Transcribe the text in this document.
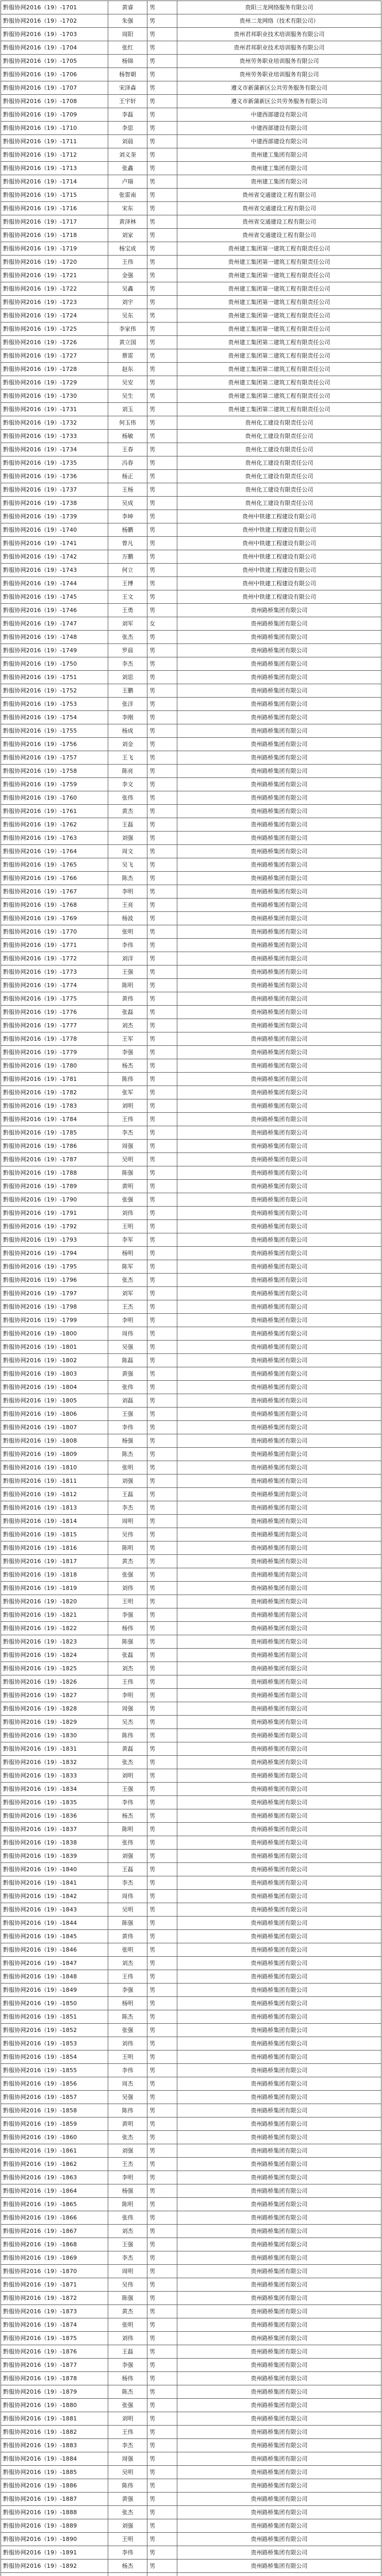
黔服协网2016（19）-1701	黄睿	男	贵阳三龙网络服务有限公司
黔服协网2016（19）-1702	朱强	男	贵州二龙网络（技术有限公司）
黔服协网2016（19）-1703	周阳	男	贵州君邦职业技术培训服务有限公司
黔服协网2016（19）-1704	张红	男	贵州君邦职业技术培训服务有限公司
黔服协网2016（19）-1705	杨锦	男	贵州劳务职业培训服务有限公司
黔服协网2016（19）-1706	杨智朝	男	贵州劳务职业培训服务有限公司
黔服协网2016（19）-1707	宋泽森	男	遵义市新蒲新区公共劳务服务有限公司
黔服协网2016（19）-1708	王宇轩	男	遵义市新蒲新区公共劳务服务有限公司
黔服协网2016（19）-1709	李磊	男	中建西部建设有限公司
黔服协网2016（19）-1710	李思	男	中建西部建设有限公司
黔服协网2016（19）-1711	刘晨	男	中建西部建设有限公司
黔服协网2016（19）-1712	刘义奎	男	贵州建工集团有限公司
黔服协网2016（19）-1713	张鑫	男	贵州建工集团有限公司
黔服协网2016（19）-1714	卢瑞	男	贵州建工集团有限公司
黔服协网2016（19）-1715	张雷南	男	贵州省交通建设工程有限公司
黔服协网2016（19）-1716	宋东	男	贵州省交通建设工程有限公司
黔服协网2016（19）-1717	黄泽林	男	贵州省交通建设工程有限公司
黔服协网2016（19）-1718	刘家	男	贵州省交通建设工程有限公司
黔服协网2016（19）-1719	杨宝成	男	贵州建工集团第一建筑工程有限责任公司
黔服协网2016（19）-1720	王伟	男	贵州建工集团第一建筑工程有限责任公司
黔服协网2016（19）-1721	金强	男	贵州建工集团第一建筑工程有限责任公司
黔服协网2016（19）-1722	吴鑫	男	贵州建工集团第一建筑工程有限责任公司
黔服协网2016（19）-1723	刘宇	男	贵州建工集团第一建筑工程有限责任公司
黔服协网2016（19）-1724	吴东	男	贵州建工集团第一建筑工程有限责任公司
黔服协网2016（19）-1725	李家伟	男	贵州建工集团第一建筑工程有限责任公司
黔服协网2016（19）-1726	黄立国	男	贵州建工集团第二建筑工程有限责任公司
黔服协网2016（19）-1727	蔡雷	男	贵州建工集团第二建筑工程有限责任公司
黔服协网2016（19）-1728	赵东	男	贵州建工集团第二建筑工程有限责任公司
黔服协网2016（19）-1729	吴安	男	贵州建工集团第二建筑工程有限责任公司
黔服协网2016（19）-1730	吴生	男	贵州建工集团第二建筑工程有限责任公司
黔服协网2016（19）-1731	刘玉	男	贵州建工集团第二建筑工程有限责任公司
黔服协网2016（19）-1732	何玉伟	男	贵州化工建设有限责任公司
黔服协网2016（19）-1733	杨敏	男	贵州化工建设有限责任公司
黔服协网2016（19）-1734	王春	男	贵州化工建设有限责任公司
黔服协网2016（19）-1735	冯春	男	贵州化工建设有限责任公司
黔服协网2016（19）-1736	杨正	男	贵州化工建设有限责任公司
黔服协网2016（19）-1737	王杨	男	贵州化工建设有限责任公司
黔服协网2016（19）-1738	吴成	男	贵州化工建设有限责任公司
黔服协网2016（19）-1739	李坤	男	贵州中铁建工程建设有限公司
黔服协网2016（19）-1740	杨鹏	男	贵州中铁建工程建设有限公司
黔服协网2016（19）-1741	曾凡	男	贵州中铁建工程建设有限公司
黔服协网2016（19）-1742	万鹏	男	贵州中铁建工程建设有限公司
黔服协网2016（19）-1743	何立	男	贵州中铁建工程建设有限公司
黔服协网2016（19）-1744	王博	男	贵州中铁建工程建设有限公司
黔服协网2016（19）-1745	王文	男	贵州中铁建工程建设有限公司
黔服协网2016（19）-1746	王勇	男	贵州路桥集团有限公司
黔服协网2016（19）-1747	刘军	女	贵州路桥集团有限公司
黔服协网2016（19）-1748	张杰	男	贵州路桥集团有限公司
黔服协网2016（19）-1749	罗晨	男	贵州路桥集团有限公司
黔服协网2016（19）-1750	李杰	男	贵州路桥集团有限公司
黔服协网2016（19）-1751	刘思	男	贵州路桥集团有限公司
黔服协网2016（19）-1752	王鹏	男	贵州路桥集团有限公司
黔服协网2016（19）-1753	张洋	男	贵州路桥集团有限公司
黔服协网2016（19）-1754	李刚	男	贵州路桥集团有限公司
黔服协网2016（19）-1755	杨成	男	贵州路桥集团有限公司
黔服协网2016（19）-1756	刘金	男	贵州路桥集团有限公司
黔服协网2016（19）-1757	王飞	男	贵州路桥集团有限公司
黔服协网2016（19）-1758	陈亮	男	贵州路桥集团有限公司
黔服协网2016（19）-1759	李文	男	贵州路桥集团有限公司
黔服协网2016（19）-1760	张伟	男	贵州路桥集团有限公司
黔服协网2016（19）-1761	黄杰	男	贵州路桥集团有限公司
黔服协网2016（19）-1762	王磊	男	贵州路桥集团有限公司
黔服协网2016（19）-1763	刘强	男	贵州路桥集团有限公司
黔服协网2016（19）-1764	周文	男	贵州路桥集团有限公司
黔服协网2016（19）-1765	吴飞	男	贵州路桥集团有限公司
黔服协网2016（19）-1766	陈杰	男	贵州路桥集团有限公司
黔服协网2016（19）-1767	李明	男	贵州路桥集团有限公司
黔服协网2016（19）-1768	王亮	男	贵州路桥集团有限公司
黔服协网2016（19）-1769	杨波	男	贵州路桥集团有限公司
黔服协网2016（19）-1770	张明	男	贵州路桥集团有限公司
黔服协网2016（19）-1771	李伟	男	贵州路桥集团有限公司
黔服协网2016（19）-1772	刘洋	男	贵州路桥集团有限公司
黔服协网2016（19）-1773	王强	男	贵州路桥集团有限公司
黔服协网2016（19）-1774	陈明	男	贵州路桥集团有限公司
黔服协网2016（19）-1775	黄伟	男	贵州路桥集团有限公司
黔服协网2016（19）-1776	张磊	男	贵州路桥集团有限公司
黔服协网2016（19）-1777	刘杰	男	贵州路桥集团有限公司
黔服协网2016（19）-1778	王军	男	贵州路桥集团有限公司
黔服协网2016（19）-1779	李强	男	贵州路桥集团有限公司
黔服协网2016（19）-1780	杨杰	男	贵州路桥集团有限公司
黔服协网2016（19）-1781	陈伟	男	贵州路桥集团有限公司
黔服协网2016（19）-1782	张军	男	贵州路桥集团有限公司
黔服协网2016（19）-1783	刘明	男	贵州路桥集团有限公司
黔服协网2016（19）-1784	王伟	男	贵州路桥集团有限公司
黔服协网2016（19）-1785	李杰	男	贵州路桥集团有限公司
黔服协网2016（19）-1786	周强	男	贵州路桥集团有限公司
黔服协网2016（19）-1787	吴明	男	贵州路桥集团有限公司
黔服协网2016（19）-1788	陈强	男	贵州路桥集团有限公司
黔服协网2016（19）-1789	黄明	男	贵州路桥集团有限公司
黔服协网2016（19）-1790	张强	男	贵州路桥集团有限公司
黔服协网2016（19）-1791	刘伟	男	贵州路桥集团有限公司
黔服协网2016（19）-1792	王明	男	贵州路桥集团有限公司
黔服协网2016（19）-1793	李军	男	贵州路桥集团有限公司
黔服协网2016（19）-1794	杨明	男	贵州路桥集团有限公司
黔服协网2016（19）-1795	陈军	男	贵州路桥集团有限公司
黔服协网2016（19）-1796	张杰	男	贵州路桥集团有限公司
黔服协网2016（19）-1797	刘军	男	贵州路桥集团有限公司
黔服协网2016（19）-1798	王杰	男	贵州路桥集团有限公司
黔服协网2016（19）-1799	李明	男	贵州路桥集团有限公司
黔服协网2016（19）-1800	周伟	男	贵州路桥集团有限公司
黔服协网2016（19）-1801	吴强	男	贵州路桥集团有限公司
黔服协网2016（19）-1802	陈磊	男	贵州路桥集团有限公司
黔服协网2016（19）-1803	黄强	男	贵州路桥集团有限公司
黔服协网2016（19）-1804	张伟	男	贵州路桥集团有限公司
黔服协网2016（19）-1805	刘磊	男	贵州路桥集团有限公司
黔服协网2016（19）-1806	王强	男	贵州路桥集团有限公司
黔服协网2016（19）-1807	李伟	男	贵州路桥集团有限公司
黔服协网2016（19）-1808	杨强	男	贵州路桥集团有限公司
黔服协网2016（19）-1809	陈杰	男	贵州路桥集团有限公司
黔服协网2016（19）-1810	张明	男	贵州路桥集团有限公司
黔服协网2016（19）-1811	刘强	男	贵州路桥集团有限公司
黔服协网2016（19）-1812	王磊	男	贵州路桥集团有限公司
黔服协网2016（19）-1813	李杰	男	贵州路桥集团有限公司
黔服协网2016（19）-1814	周明	男	贵州路桥集团有限公司
黔服协网2016（19）-1815	吴伟	男	贵州路桥集团有限公司
黔服协网2016（19）-1816	陈明	男	贵州路桥集团有限公司
黔服协网2016（19）-1817	黄杰	男	贵州路桥集团有限公司
黔服协网2016（19）-1818	张强	男	贵州路桥集团有限公司
黔服协网2016（19）-1819	刘伟	男	贵州路桥集团有限公司
黔服协网2016（19）-1820	王明	男	贵州路桥集团有限公司
黔服协网2016（19）-1821	李强	男	贵州路桥集团有限公司
黔服协网2016（19）-1822	杨伟	男	贵州路桥集团有限公司
黔服协网2016（19）-1823	陈强	男	贵州路桥集团有限公司
黔服协网2016（19）-1824	张磊	男	贵州路桥集团有限公司
黔服协网2016（19）-1825	刘杰	男	贵州路桥集团有限公司
黔服协网2016（19）-1826	王伟	男	贵州路桥集团有限公司
黔服协网2016（19）-1827	李明	男	贵州路桥集团有限公司
黔服协网2016（19）-1828	周强	男	贵州路桥集团有限公司
黔服协网2016（19）-1829	吴杰	男	贵州路桥集团有限公司
黔服协网2016（19）-1830	陈伟	男	贵州路桥集团有限公司
黔服协网2016（19）-1831	黄磊	男	贵州路桥集团有限公司
黔服协网2016（19）-1832	张杰	男	贵州路桥集团有限公司
黔服协网2016（19）-1833	刘明	男	贵州路桥集团有限公司
黔服协网2016（19）-1834	王强	男	贵州路桥集团有限公司
黔服协网2016（19）-1835	李伟	男	贵州路桥集团有限公司
黔服协网2016（19）-1836	杨杰	男	贵州路桥集团有限公司
黔服协网2016（19）-1837	陈明	男	贵州路桥集团有限公司
黔服协网2016（19）-1838	张伟	男	贵州路桥集团有限公司
黔服协网2016（19）-1839	刘强	男	贵州路桥集团有限公司
黔服协网2016（19）-1840	王磊	男	贵州路桥集团有限公司
黔服协网2016（19）-1841	李杰	男	贵州路桥集团有限公司
黔服协网2016（19）-1842	周伟	男	贵州路桥集团有限公司
黔服协网2016（19）-1843	吴明	男	贵州路桥集团有限公司
黔服协网2016（19）-1844	陈强	男	贵州路桥集团有限公司
黔服协网2016（19）-1845	黄伟	男	贵州路桥集团有限公司
黔服协网2016（19）-1846	张明	男	贵州路桥集团有限公司
黔服协网2016（19）-1847	刘杰	男	贵州路桥集团有限公司
黔服协网2016（19）-1848	王伟	男	贵州路桥集团有限公司
黔服协网2016（19）-1849	李强	男	贵州路桥集团有限公司
黔服协网2016（19）-1850	杨明	男	贵州路桥集团有限公司
黔服协网2016（19）-1851	陈杰	男	贵州路桥集团有限公司
黔服协网2016（19）-1852	张强	男	贵州路桥集团有限公司
黔服协网2016（19）-1853	刘伟	男	贵州路桥集团有限公司
黔服协网2016（19）-1854	王明	男	贵州路桥集团有限公司
黔服协网2016（19）-1855	李伟	男	贵州路桥集团有限公司
黔服协网2016（19）-1856	周杰	男	贵州路桥集团有限公司
黔服协网2016（19）-1857	吴强	男	贵州路桥集团有限公司
黔服协网2016（19）-1858	陈伟	男	贵州路桥集团有限公司
黔服协网2016（19）-1859	黄明	男	贵州路桥集团有限公司
黔服协网2016（19）-1860	张杰	男	贵州路桥集团有限公司
黔服协网2016（19）-1861	刘强	男	贵州路桥集团有限公司
黔服协网2016（19）-1862	王杰	男	贵州路桥集团有限公司
黔服协网2016（19）-1863	李明	男	贵州路桥集团有限公司
黔服协网2016（19）-1864	杨强	男	贵州路桥集团有限公司
黔服协网2016（19）-1865	陈明	男	贵州路桥集团有限公司
黔服协网2016（19）-1866	张伟	男	贵州路桥集团有限公司
黔服协网2016（19）-1867	刘杰	男	贵州路桥集团有限公司
黔服协网2016（19）-1868	王强	男	贵州路桥集团有限公司
黔服协网2016（19）-1869	李杰	男	贵州路桥集团有限公司
黔服协网2016（19）-1870	周明	男	贵州路桥集团有限公司
黔服协网2016（19）-1871	吴伟	男	贵州路桥集团有限公司
黔服协网2016（19）-1872	陈强	男	贵州路桥集团有限公司
黔服协网2016（19）-1873	黄杰	男	贵州路桥集团有限公司
黔服协网2016（19）-1874	张明	男	贵州路桥集团有限公司
黔服协网2016（19）-1875	刘伟	男	贵州路桥集团有限公司
黔服协网2016（19）-1876	王磊	男	贵州路桥集团有限公司
黔服协网2016（19）-1877	李强	男	贵州路桥集团有限公司
黔服协网2016（19）-1878	杨伟	男	贵州路桥集团有限公司
黔服协网2016（19）-1879	陈杰	男	贵州路桥集团有限公司
黔服协网2016（19）-1880	张强	男	贵州路桥集团有限公司
黔服协网2016（19）-1881	刘明	男	贵州路桥集团有限公司
黔服协网2016（19）-1882	王伟	男	贵州路桥集团有限公司
黔服协网2016（19）-1883	李杰	男	贵州路桥集团有限公司
黔服协网2016（19）-1884	周强	男	贵州路桥集团有限公司
黔服协网2016（19）-1885	吴明	男	贵州路桥集团有限公司
黔服协网2016（19）-1886	陈伟	男	贵州路桥集团有限公司
黔服协网2016（19）-1887	黄强	男	贵州路桥集团有限公司
黔服协网2016（19）-1888	张杰	男	贵州路桥集团有限公司
黔服协网2016（19）-1889	刘强	男	贵州路桥集团有限公司
黔服协网2016（19）-1890	王明	男	贵州路桥集团有限公司
黔服协网2016（19）-1891	李伟	男	贵州路桥集团有限公司
黔服协网2016（19）-1892	杨杰	男	贵州路桥集团有限公司
